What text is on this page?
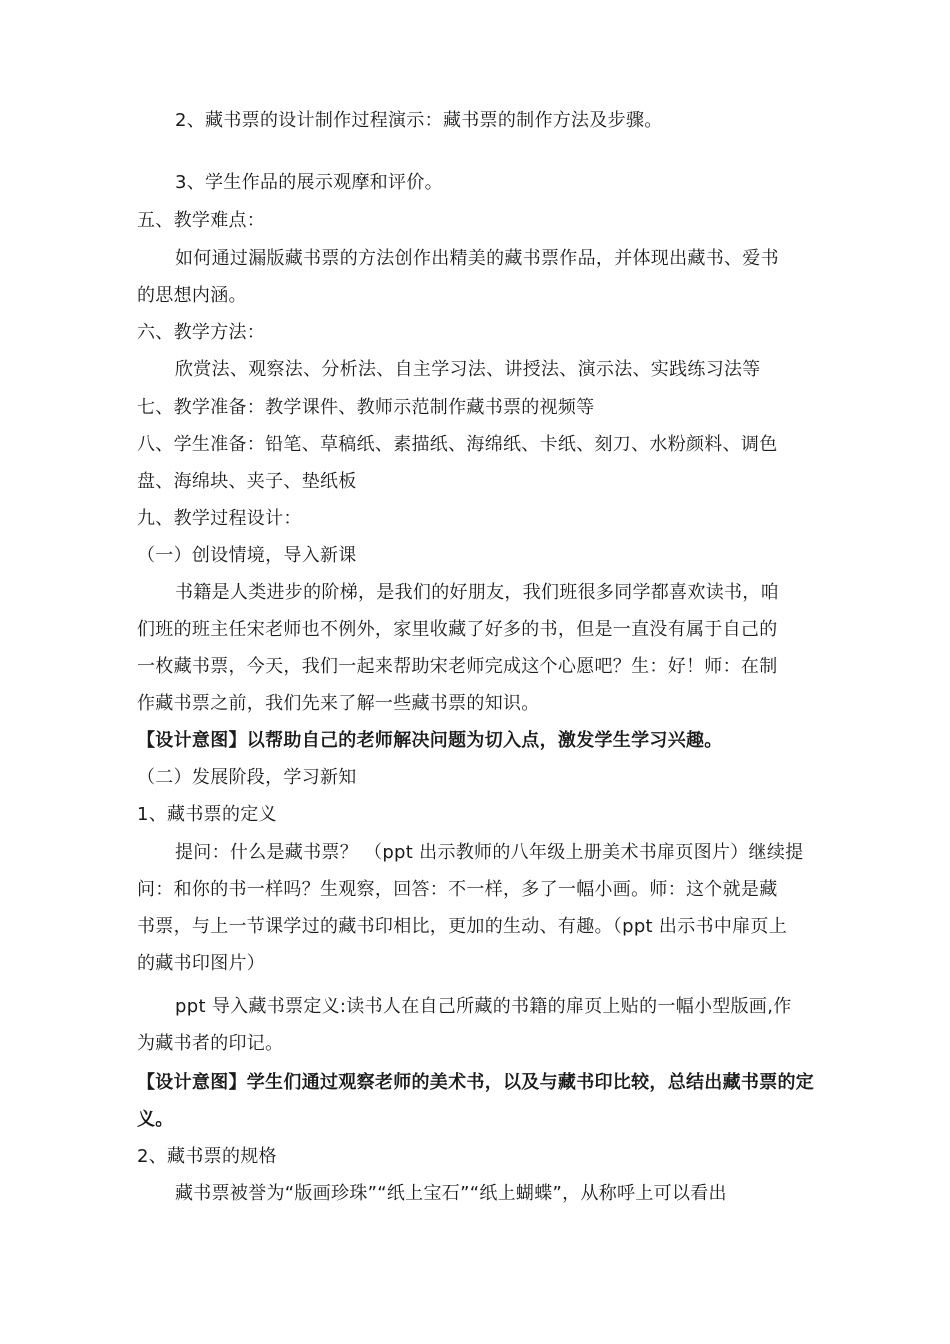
2、藏书票的设计制作过程演示：藏书票的制作方法及步骤。
3、学生作品的展示观摩和评价。
五、教学难点：
如何通过漏版藏书票的方法创作出精美的藏书票作品，并体现出藏书、爱书
的思想内涵。
六、教学方法：
欣赏法、观察法、分析法、自主学习法、讲授法、演示法、实践练习法等
七、教学准备：教学课件、教师示范制作藏书票的视频等
八、学生准备：铅笔、草稿纸、素描纸、海绵纸、卡纸、刻刀、水粉颜料、调色
盘、海绵块、夹子、垫纸板
九、教学过程设计：
（一）创设情境，导入新课
书籍是人类进步的阶梯，是我们的好朋友，我们班很多同学都喜欢读书，咱
们班的班主任宋老师也不例外，家里收藏了好多的书，但是一直没有属于自己的
一枚藏书票，今天，我们一起来帮助宋老师完成这个心愿吧？生：好！师：在制
作藏书票之前，我们先来了解一些藏书票的知识。
【设计意图】以帮助自己的老师解决问题为切入点，激发学生学习兴趣。
（二）发展阶段，学习新知
1、藏书票的定义
提问：什么是藏书票？ （ppt 出示教师的八年级上册美术书扉页图片）继续提
问：和你的书一样吗？生观察，回答：不一样，多了一幅小画。师：这个就是藏
书票，与上一节课学过的藏书印相比，更加的生动、有趣。（ppt 出示书中扉页上
的藏书印图片）
ppt 导入藏书票定义:读书人在自己所藏的书籍的扉页上贴的一幅小型版画,作
为藏书者的印记。
【设计意图】学生们通过观察老师的美术书，以及与藏书印比较，总结出藏书票的定
义。
2、藏书票的规格
藏书票被誉为“版画珍珠”“纸上宝石”“纸上蝴蝶”，从称呼上可以看出
